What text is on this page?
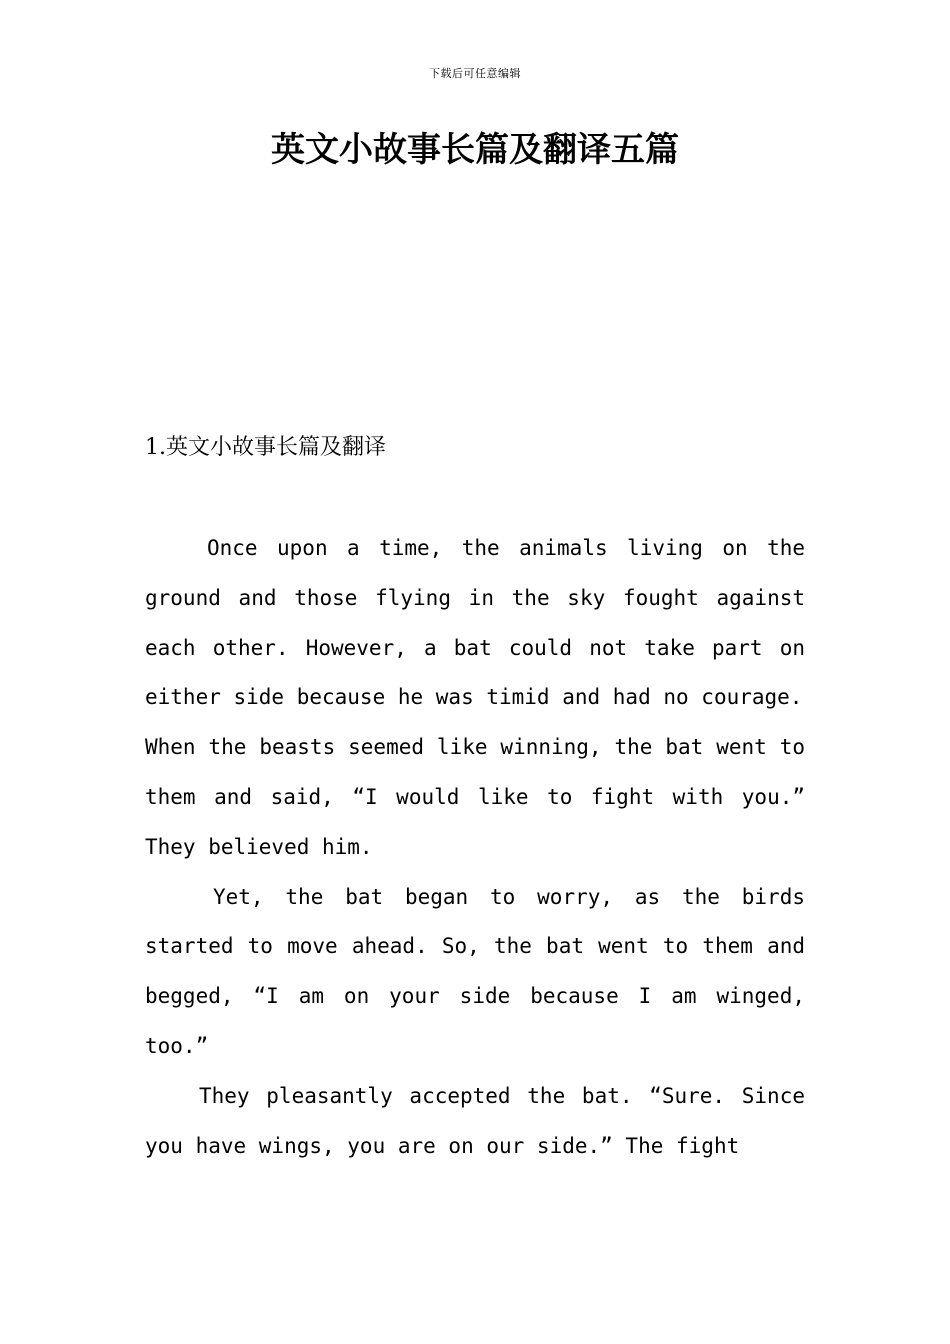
下载后可任意编辑
英文小故事长篇及翻译五篇
1.英文小故事长篇及翻译

Once upon a time, the animals living on the ground and those flying in the sky fought against each other. However, a bat could not take part on either side because he was timid and had no courage.

When the beasts seemed like winning, the bat went to them and said, “I would like to fight with you.” They believed him.

Yet, the bat began to worry, as the birds started to move ahead. So, the bat went to them and begged, “I am on your side because I am winged, too.”

They pleasantly accepted the bat. “Sure. Since you have wings, you are on our side.” The fight
